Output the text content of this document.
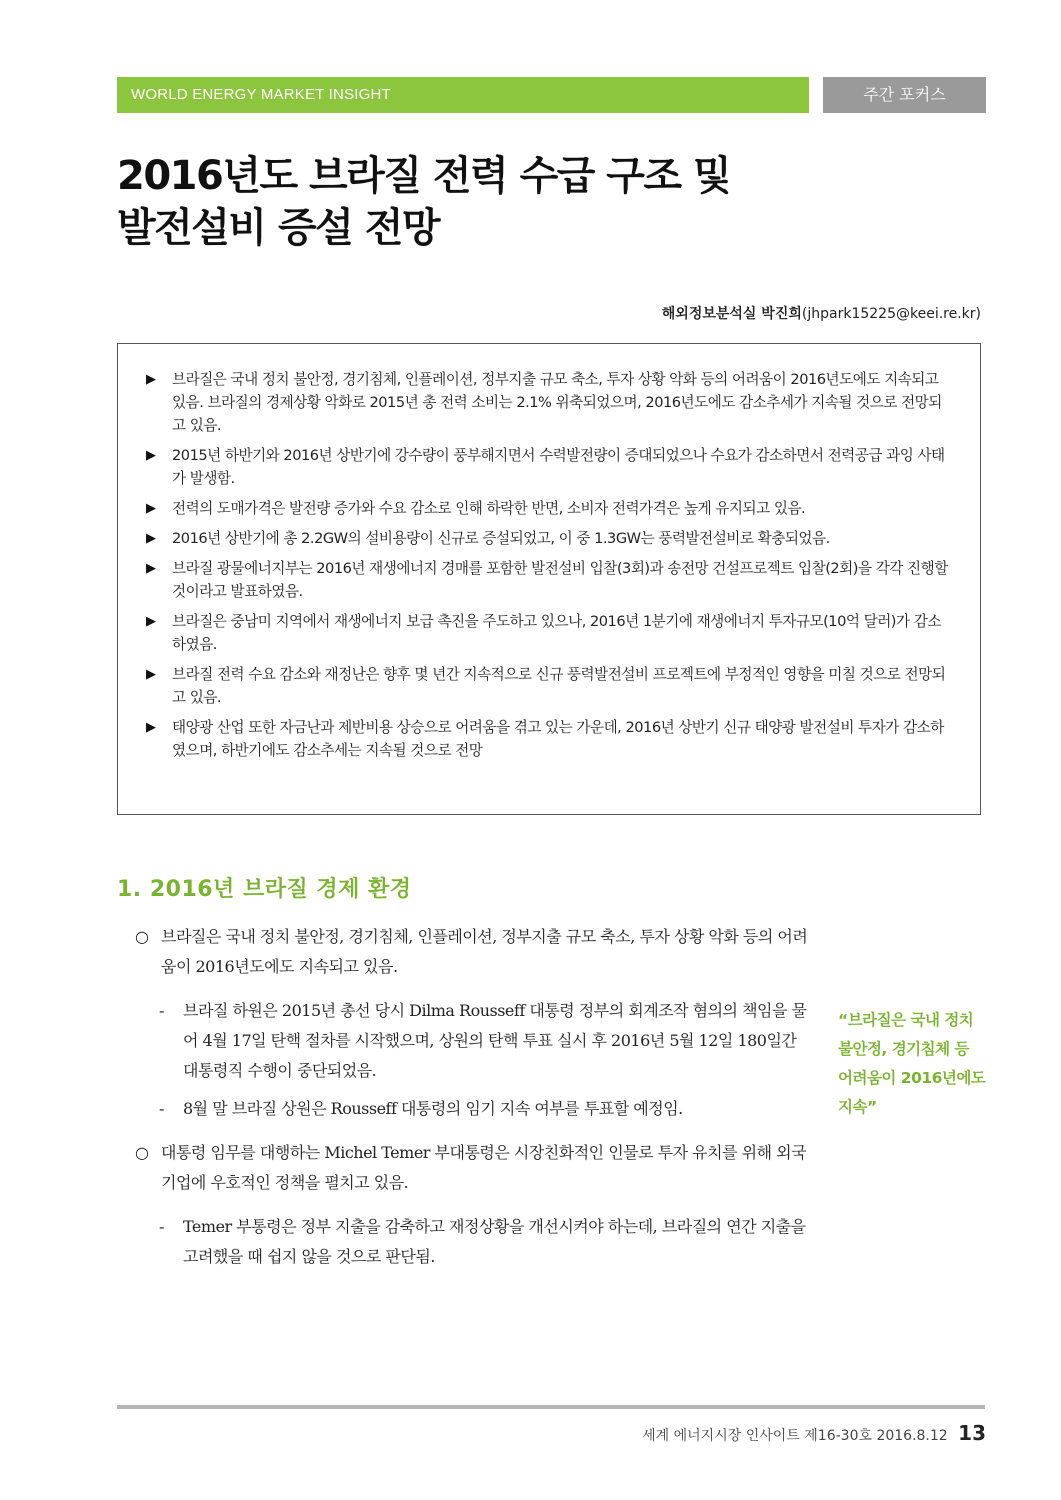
WORLD ENERGY MARKET INSIGHT	주간 포커스
2016년도 브라질 전력 수급 구조 및
발전설비 증설 전망
해외정보분석실 박진희(jhpark15225@keei.re.kr)
▶ 브라질은 국내 정치 불안정, 경기침체, 인플레이션, 정부지출 규모 축소, 투자 상황 악화 등의 어려움이 2016년도에도 지속되고 있음. 브라질의 경제상황 악화로 2015년 총 전력 소비는 2.1% 위축되었으며, 2016년도에도 감소추세가 지속될 것으로 전망되고 있음.
▶ 2015년 하반기와 2016년 상반기에 강수량이 풍부해지면서 수력발전량이 증대되었으나 수요가 감소하면서 전력공급 과잉 사태가 발생함.
▶ 전력의 도매가격은 발전량 증가와 수요 감소로 인해 하락한 반면, 소비자 전력가격은 높게 유지되고 있음.
▶ 2016년 상반기에 총 2.2GW의 설비용량이 신규로 증설되었고, 이 중 1.3GW는 풍력발전설비로 확충되었음.
▶ 브라질 광물에너지부는 2016년 재생에너지 경매를 포함한 발전설비 입찰(3회)과 송전망 건설프로젝트 입찰(2회)을 각각 진행할 것이라고 발표하였음.
▶ 브라질은 중남미 지역에서 재생에너지 보급 촉진을 주도하고 있으나, 2016년 1분기에 재생에너지 투자규모(10억 달러)가 감소하였음.
▶ 브라질 전력 수요 감소와 재정난은 향후 몇 년간 지속적으로 신규 풍력발전설비 프로젝트에 부정적인 영향을 미칠 것으로 전망되고 있음.
▶ 태양광 산업 또한 자금난과 제반비용 상승으로 어려움을 겪고 있는 가운데, 2016년 상반기 신규 태양광 발전설비 투자가 감소하였으며, 하반기에도 감소추세는 지속될 것으로 전망
1. 2016년 브라질 경제 환경
○ 브라질은 국내 정치 불안정, 경기침체, 인플레이션, 정부지출 규모 축소, 투자 상황 악화 등의 어려움이 2016년도에도 지속되고 있음.
- 브라질 하원은 2015년 총선 당시 Dilma Rousseff 대통령 정부의 회계조작 혐의의 책임을 물어 4월 17일 탄핵 절차를 시작했으며, 상원의 탄핵 투표 실시 후 2016년 5월 12일 180일간 대통령직 수행이 중단되었음.
- 8월 말 브라질 상원은 Rousseff 대통령의 임기 지속 여부를 투표할 예정임.
○ 대통령 임무를 대행하는 Michel Temer 부대통령은 시장친화적인 인물로 투자 유치를 위해 외국기업에 우호적인 정책을 펼치고 있음.
- Temer 부통령은 정부 지출을 감축하고 재정상황을 개선시켜야 하는데, 브라질의 연간 지출을 고려했을 때 쉽지 않을 것으로 판단됨.
“브라질은 국내 정치 불안정, 경기침체 등 어려움이 2016년에도 지속”
세계 에너지시장 인사이트 제16-30호 2016.8.12 13
